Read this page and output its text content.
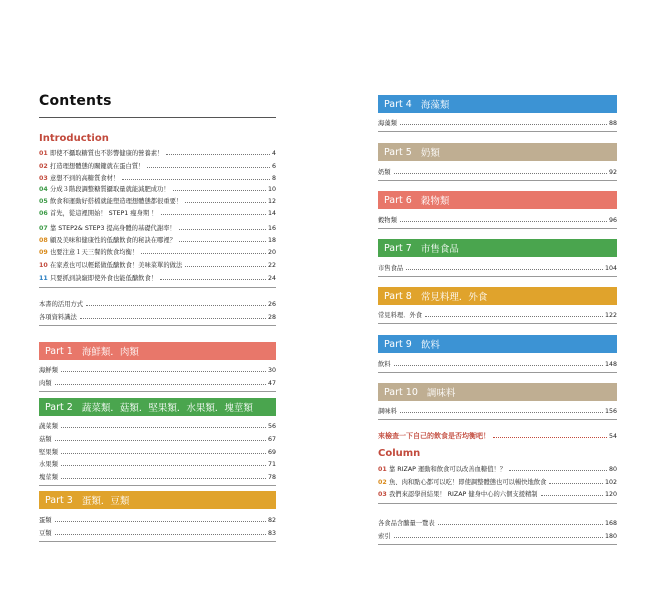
Contents
Introduction
01 即使不攝取糖質也不影響健康的營養素！	4
02 打造理想體態的關鍵就在蛋白質！	6
03 意想不到的高糖質食材！	8
04 分成３階段調整糖質攝取量就能減肥成功！	10
05 飲食和運動好搭檔就能塑造理想體態都很重要！	12
06 首先，從這裡開始！ STEP1 瘦身期 ！	14
07 靠 STEP2& STEP3 提高身體的基礎代謝率！	16
08 顧及美味和健康性的低醣飲食的秘訣在哪裡？	18
09 也要注意１天三餐的飲食均衡！	20
10 在家煮也可以輕鬆做低醣飲食！美味菜單的做法	22
11 只要抓到訣竅即使外食也能低醣飲食！	24
本書的活用方式	26
各項資料識法	28
Part 1 海鮮類．肉類
海鮮類	30
肉類	47
Part 2 蔬菜類．菇類．堅果類．水果類．塊莖類
蔬菜類	56
菇類	67
堅果類	69
水果類	71
塊莖類	78
Part 3 蛋類．豆類
蛋類	82
豆類	83
Part 4 海藻類
海藻類	88
Part 5 奶類
奶類	92
Part 6 穀物類
穀物類	96
Part 7 市售食品
市售食品	104
Part 8 常見料理．外食
常見料理．外食	122
Part 9 飲料
飲料	148
Part 10 調味料
調味料	156
來檢查一下自己的飲食是否均衡吧！	54
Column
01 靠 RIZAP 運動和飲食可以改善血糖值！？	80
02 魚、肉和點心都可以吃！即使調整體態也可以暢快地飲食	102
03 我們來認學員結果！ RIZAP 健身中心的六個支援精制	120
各食品含醣量一覽表	168
索引	180
